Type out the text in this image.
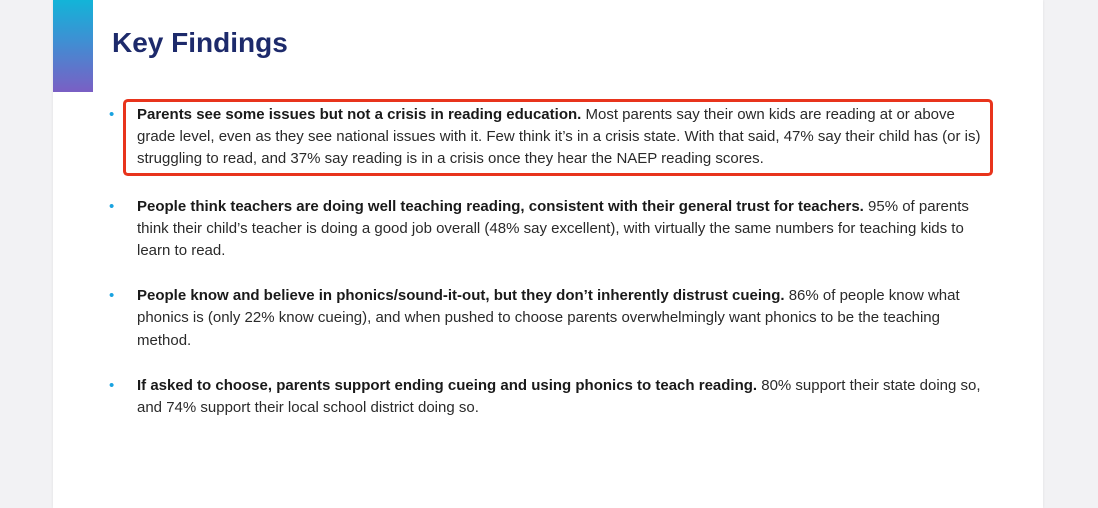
Key Findings
•	Parents see some issues but not a crisis in reading education. Most parents say their own kids are reading at or above grade level, even as they see national issues with it. Few think it’s in a crisis state. With that said, 47% say their child has (or is) struggling to read, and 37% say reading is in a crisis once they hear the NAEP reading scores.
• People think teachers are doing well teaching reading, consistent with their general trust for teachers. 95% of parents think their child’s teacher is doing a good job overall (48% say excellent), with virtually the same numbers for teaching kids to learn to read.
• People know and believe in phonics/sound-it-out, but they don’t inherently distrust cueing. 86% of people know what phonics is (only 22% know cueing), and when pushed to choose parents overwhelmingly want phonics to be the teaching method.
• If asked to choose, parents support ending cueing and using phonics to teach reading. 80% support their state doing so, and 74% support their local school district doing so.
